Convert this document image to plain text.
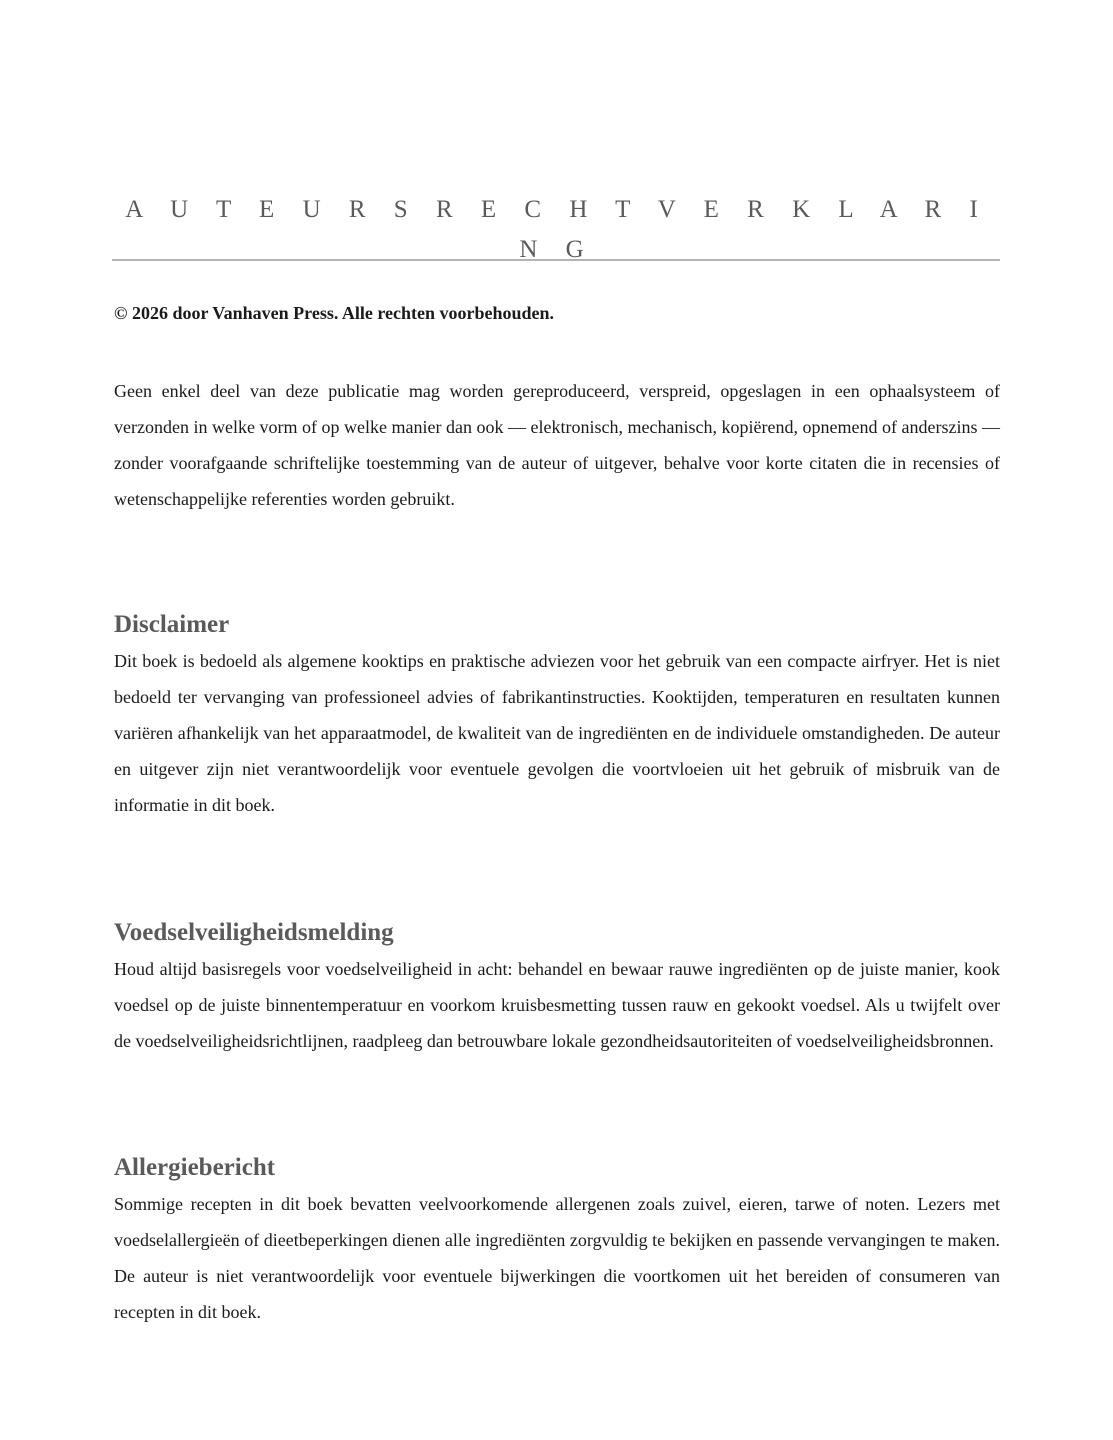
A U T E U R S R E C H T V E R K L A R I N G

© 2026 door Vanhaven Press. Alle rechten voorbehouden.

Geen enkel deel van deze publicatie mag worden gereproduceerd, verspreid, opgeslagen in een ophaalsysteem of verzonden in welke vorm of op welke manier dan ook — elektronisch, mechanisch, kopiërend, opnemend of anderszins — zonder voorafgaande schriftelijke toestemming van de auteur of uitgever, behalve voor korte citaten die in recensies of wetenschappelijke referenties worden gebruikt.

Disclaimer

Dit boek is bedoeld als algemene kooktips en praktische adviezen voor het gebruik van een compacte airfryer. Het is niet bedoeld ter vervanging van professioneel advies of fabrikantinstructies. Kooktijden, temperaturen en resultaten kunnen variëren afhankelijk van het apparaatmodel, de kwaliteit van de ingrediënten en de individuele omstandigheden. De auteur en uitgever zijn niet verantwoordelijk voor eventuele gevolgen die voortvloeien uit het gebruik of misbruik van de informatie in dit boek.

Voedselveiligheidsmelding

Houd altijd basisregels voor voedselveiligheid in acht: behandel en bewaar rauwe ingrediënten op de juiste manier, kook voedsel op de juiste binnentemperatuur en voorkom kruisbesmetting tussen rauw en gekookt voedsel. Als u twijfelt over de voedselveiligheidsrichtlijnen, raadpleeg dan betrouwbare lokale gezondheidsautoriteiten of voedselveiligheidsbronnen.

Allergiebericht

Sommige recepten in dit boek bevatten veelvoorkomende allergenen zoals zuivel, eieren, tarwe of noten. Lezers met voedselallergieën of dieetbeperkingen dienen alle ingrediënten zorgvuldig te bekijken en passende vervangingen te maken. De auteur is niet verantwoordelijk voor eventuele bijwerkingen die voortkomen uit het bereiden of consumeren van recepten in dit boek.
